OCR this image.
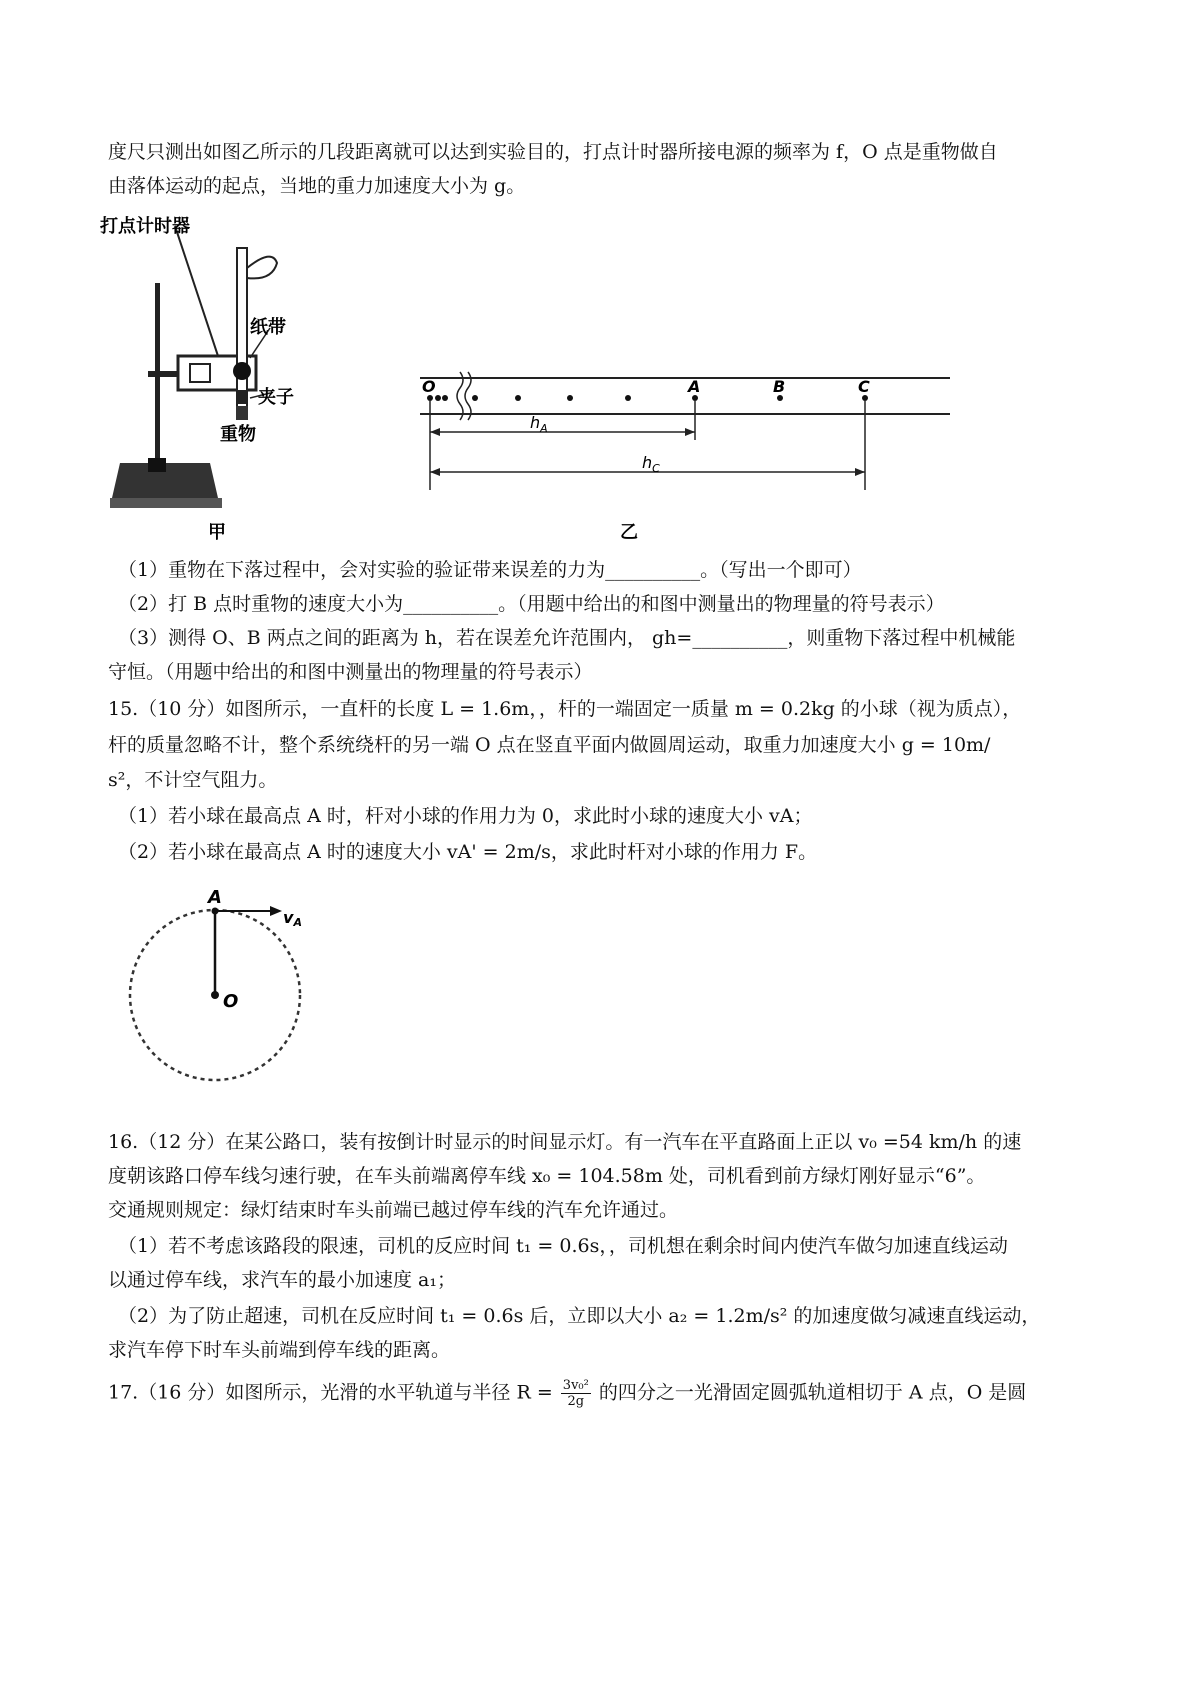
度尺只测出如图乙所示的几段距离就可以达到实验目的，打点计时器所接电源的频率为 f，O 点是重物做自
由落体运动的起点，当地的重力加速度大小为 g。
打点计时器
纸带
夹子
重物
甲
O	A	B	C
$h_A$
$h_C$
乙
（1）重物在下落过程中，会对实验的验证带来误差的力为__________。（写出一个即可）
（2）打 B 点时重物的速度大小为__________。（用题中给出的和图中测量出的物理量的符号表示）
（3）测得 O、B 两点之间的距离为 h，若在误差允许范围内， gh=__________，则重物下落过程中机械能
守恒。（用题中给出的和图中测量出的物理量的符号表示）
15.（10 分）如图所示，一直杆的长度 L = 1.6m，，杆的一端固定一质量 m = 0.2kg 的小球（视为质点），
杆的质量忽略不计，整个系统绕杆的另一端 O 点在竖直平面内做圆周运动，取重力加速度大小 g = 10m/
s²，不计空气阻力。
（1）若小球在最高点 A 时，杆对小球的作用力为 0，求此时小球的速度大小 vA；
（2）若小球在最高点 A 时的速度大小 vA' = 2m/s，求此时杆对小球的作用力 F。
A
O
vA
16.（12 分）在某公路口，装有按倒计时显示的时间显示灯。有一汽车在平直路面上正以 v₀ =54 km/h 的速
度朝该路口停车线匀速行驶，在车头前端离停车线 x₀ = 104.58m 处，司机看到前方绿灯刚好显示“6”。
交通规则规定：绿灯结束时车头前端已越过停车线的汽车允许通过。
（1）若不考虑该路段的限速，司机的反应时间 t₁ = 0.6s，，司机想在剩余时间内使汽车做匀加速直线运动
以通过停车线，求汽车的最小加速度 a₁；
（2）为了防止超速，司机在反应时间 t₁ = 0.6s 后，立即以大小 a₂ = 1.2m/s² 的加速度做匀减速直线运动，
求汽车停下时车头前端到停车线的距离。
17.（16 分）如图所示，光滑的水平轨道与半径 $R = \frac{\text{3v₀²}}{2g}$ 的四分之一光滑固定圆弧轨道相切于 A 点，O 是圆
